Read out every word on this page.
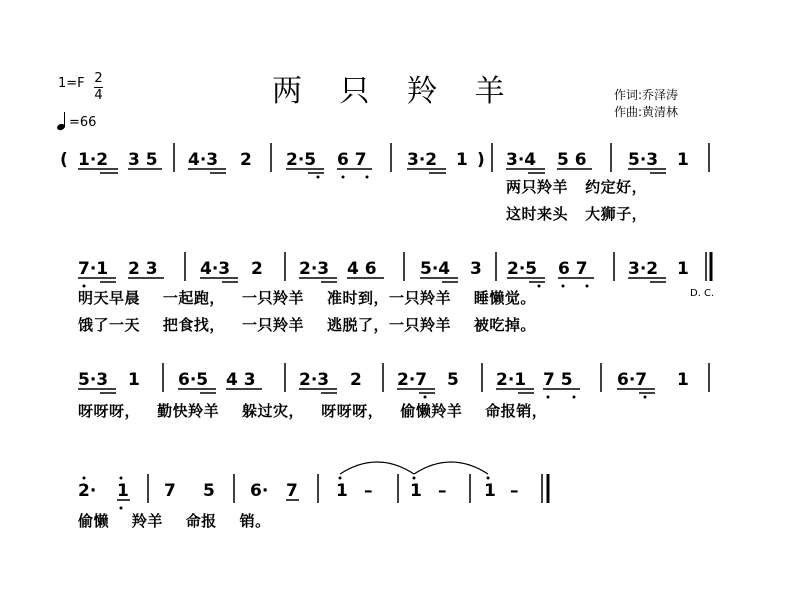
两 只 羚 羊
1=F 2
4
=66
作词:乔泽涛
作曲:黄清林
( 1·2 3 5 4·3 2 2·5 6 7 3·2 1 ) 3·4 5 6 5·3 1
7·1 2 3 4·3 2 2·3 4 6	5·4 3 2·5 6 7 3·2 1
D. C.
5·3 1 6·5 4 3	2·3 2 2·7 5 2·1 7 5	6·7 1
2· 1 7 5 6· 7 1 – 1 – 1 –
两只羚羊   约定好，
这时来头   大狮子，
明天早晨    一起跑，   一只羚羊    准时到，一只羚羊    睡懒觉。
饿了一天    把食找，   一只羚羊    逃脱了，一只羚羊    被吃掉。
呀呀呀，   勤快羚羊    躲过灾，   呀呀呀，   偷懒羚羊    命报销，
偷懒    羚羊    命报    销。
